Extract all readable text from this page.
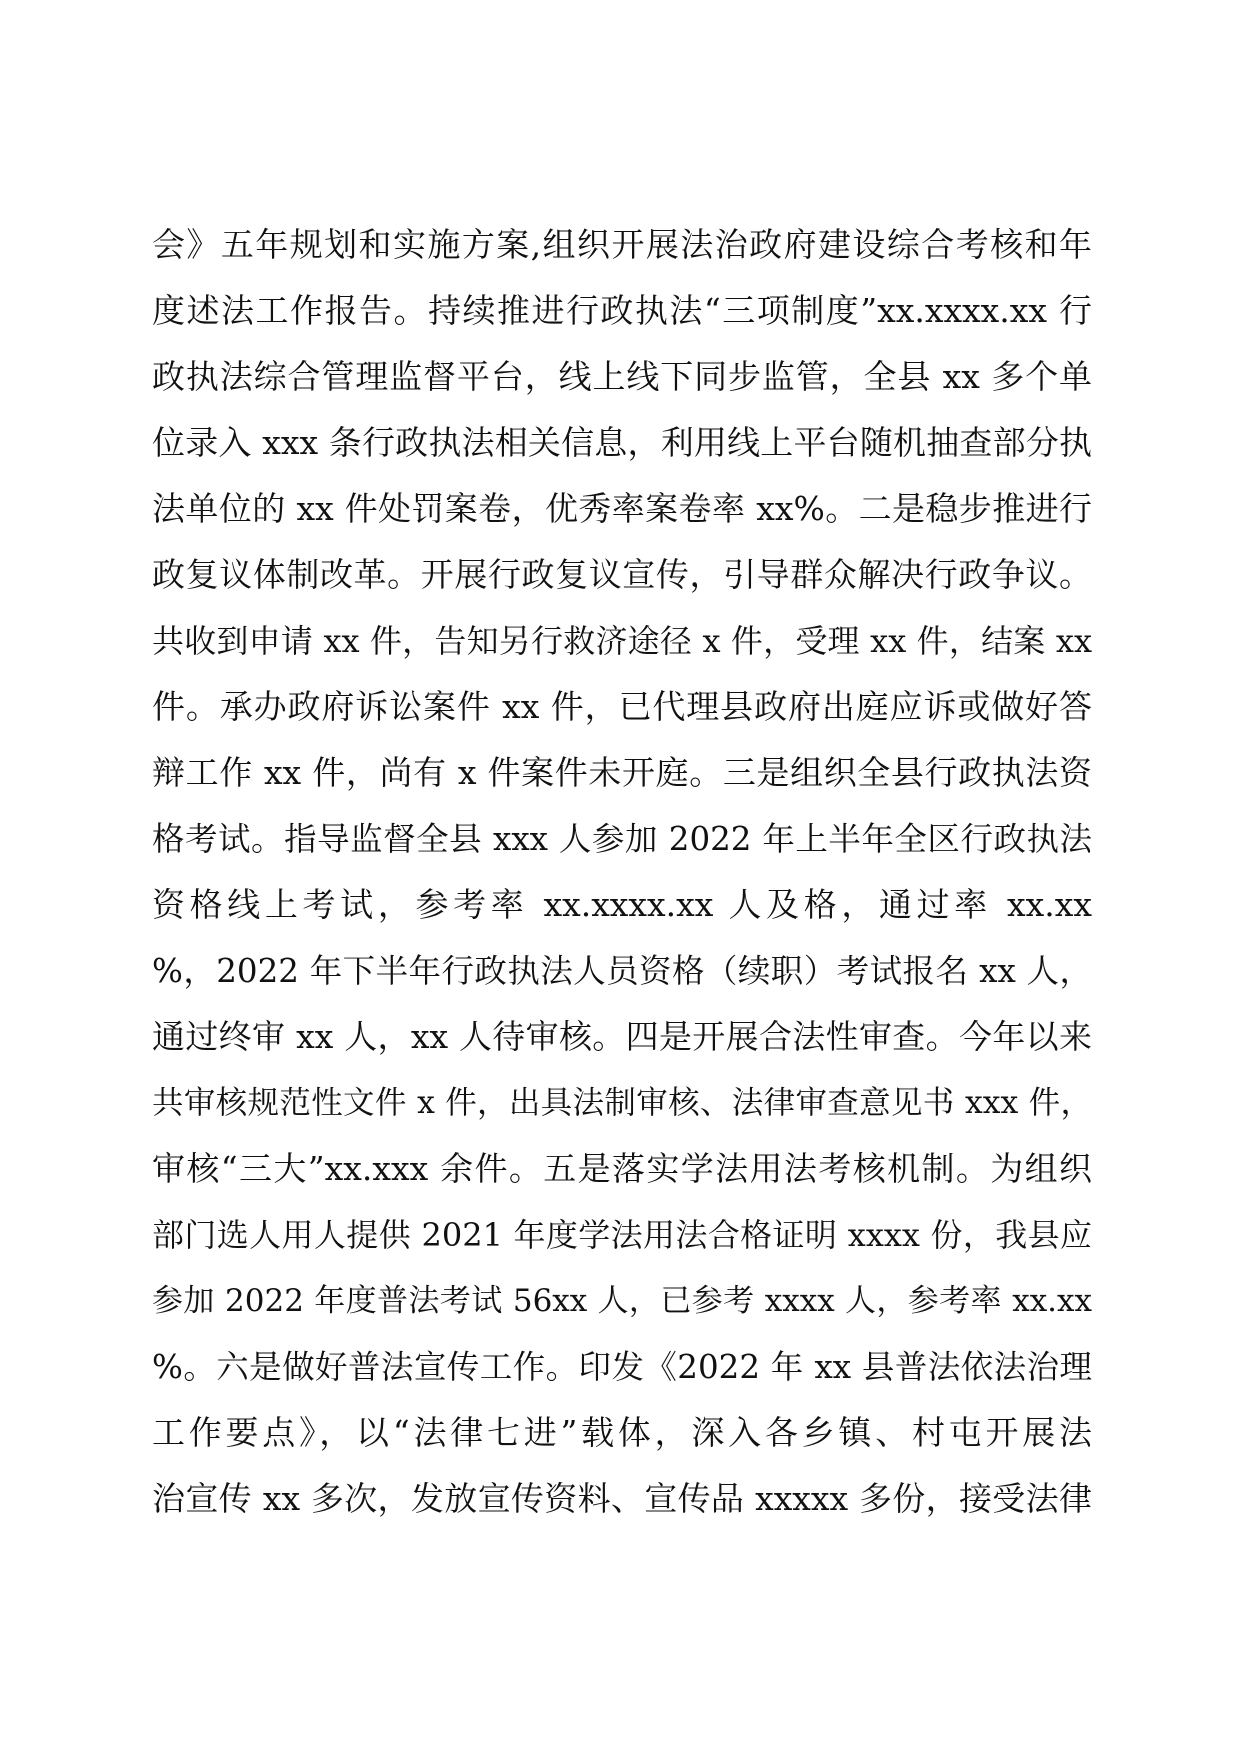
会》五年规划和实施方案,组织开展法治政府建设综合考核和年
度述法工作报告。持续推进行政执法“三项制度”xx.xxxx.xx 行
政执法综合管理监督平台，线上线下同步监管，全县 xx 多个单
位录入 xxx 条行政执法相关信息，利用线上平台随机抽查部分执
法单位的 xx 件处罚案卷，优秀率案卷率 xx%。二是稳步推进行
政复议体制改革。开展行政复议宣传，引导群众解决行政争议。
共收到申请 xx 件，告知另行救济途径 x 件，受理 xx 件，结案 xx
件。承办政府诉讼案件 xx 件，已代理县政府出庭应诉或做好答
辩工作 xx 件，尚有 x 件案件未开庭。三是组织全县行政执法资
格考试。指导监督全县 xxx 人参加 2022 年上半年全区行政执法
资格线上考试，参考率 xx.xxxx.xx 人及格，通过率 xx.xx
%，2022 年下半年行政执法人员资格（续职）考试报名 xx 人，
通过终审 xx 人，xx 人待审核。四是开展合法性审查。今年以来
共审核规范性文件 x 件，出具法制审核、法律审查意见书 xxx 件，
审核“三大”xx.xxx 余件。五是落实学法用法考核机制。为组织
部门选人用人提供 2021 年度学法用法合格证明 xxxx 份，我县应
参加 2022 年度普法考试 56xx 人，已参考 xxxx 人，参考率 xx.xx
%。六是做好普法宣传工作。印发《2022 年 xx 县普法依法治理
工作要点》，以“法律七进”载体，深入各乡镇、村屯开展法
治宣传 xx 多次，发放宣传资料、宣传品 xxxxx 多份，接受法律
